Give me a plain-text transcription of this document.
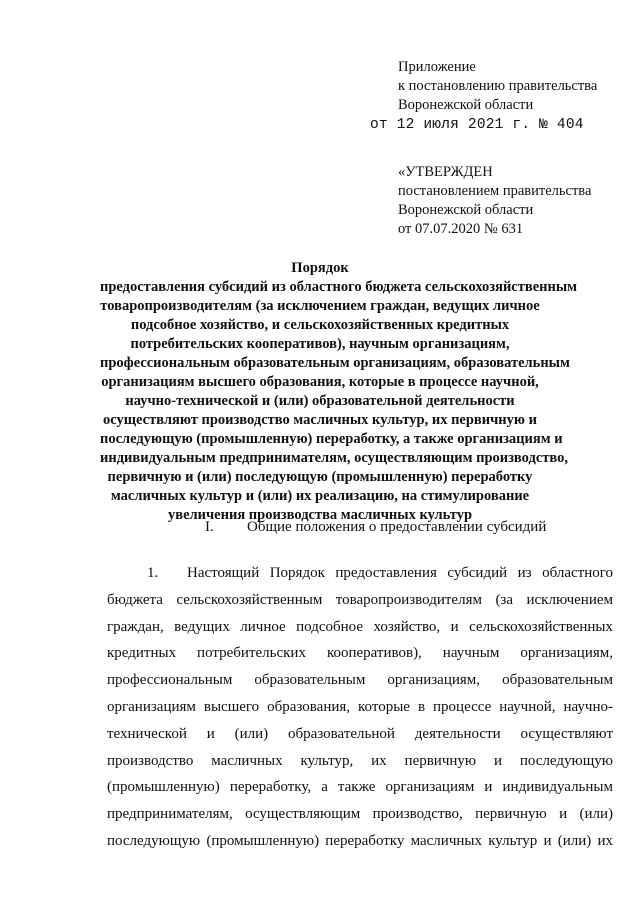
Приложение
к постановлению правительства
Воронежской области
от 12 июля 2021 г. № 404
«УТВЕРЖДЕН
постановлением правительства
Воронежской области
от 07.07.2020 № 631
Порядок
предоставления субсидий из областного бюджета сельскохозяйственным
товаропроизводителям (за исключением граждан, ведущих личное
подсобное хозяйство, и сельскохозяйственных кредитных
потребительских кооперативов), научным организациям,
профессиональным образовательным организациям, образовательным
организациям высшего образования, которые в процессе научной,
научно-технической и (или) образовательной деятельности
осуществляют производство масличных культур, их первичную и
последующую (промышленную) переработку, а также организациям и
индивидуальным предпринимателям, осуществляющим производство,
первичную и (или) последующую (промышленную) переработку
масличных культур и (или) их реализацию, на стимулирование
увеличения производства масличных культур
I. Общие положения о предоставлении субсидий
1. Настоящий Порядок предоставления субсидий из областного
бюджета сельскохозяйственным товаропроизводителям (за исключением
граждан, ведущих личное подсобное хозяйство, и сельскохозяйственных
кредитных потребительских кооперативов), научным организациям,
профессиональным образовательным организациям, образовательным
организациям высшего образования, которые в процессе научной, научно-
технической и (или) образовательной деятельности осуществляют
производство масличных культур, их первичную и последующую
(промышленную) переработку, а также организациям и индивидуальным
предпринимателям, осуществляющим производство, первичную и (или)
последующую (промышленную) переработку масличных культур и (или) их
